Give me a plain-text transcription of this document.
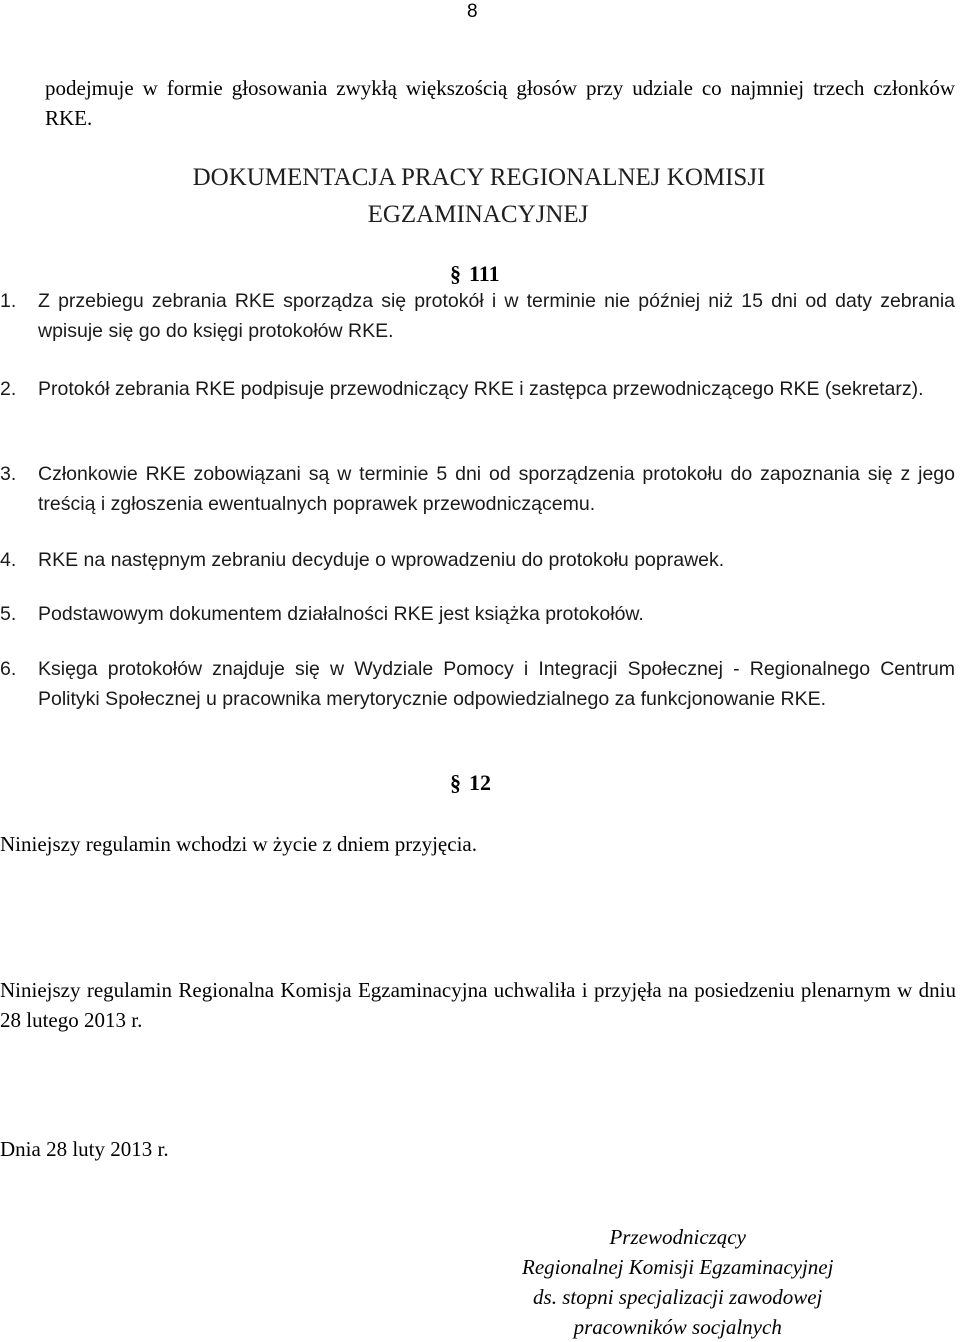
8
podejmuje w formie głosowania zwykłą większością głosów przy udziale co najmniej trzech członków RKE.
DOKUMENTACJA PRACY REGIONALNEJ KOMISJI
EGZAMINACYJNEJ
§ 111
1. Z przebiegu zebrania RKE sporządza się protokół i w terminie nie później niż 15 dni od daty zebrania wpisuje się go do księgi protokołów RKE.
2. Protokół zebrania RKE podpisuje przewodniczący RKE i zastępca przewodniczącego RKE (sekretarz).
3. Członkowie RKE zobowiązani są w terminie 5 dni od sporządzenia protokołu do zapoznania się z jego treścią i zgłoszenia ewentualnych poprawek przewodniczącemu.
4. RKE na następnym zebraniu decyduje o wprowadzeniu do protokołu poprawek.
5. Podstawowym dokumentem działalności RKE jest książka protokołów.
6. Księga protokołów znajduje się w Wydziale Pomocy i Integracji Społecznej - Regionalnego Centrum Polityki Społecznej u pracownika merytorycznie odpowiedzialnego za funkcjonowanie RKE.
§ 12
Niniejszy regulamin wchodzi w życie z dniem przyjęcia.
Niniejszy regulamin Regionalna Komisja Egzaminacyjna uchwaliła i przyjęła na posiedzeniu plenarnym w dniu 28 lutego 2013 r.
Dnia 28 luty 2013 r.
Przewodniczący
Regionalnej Komisji Egzaminacyjnej
ds. stopni specjalizacji zawodowej
pracowników socjalnych
